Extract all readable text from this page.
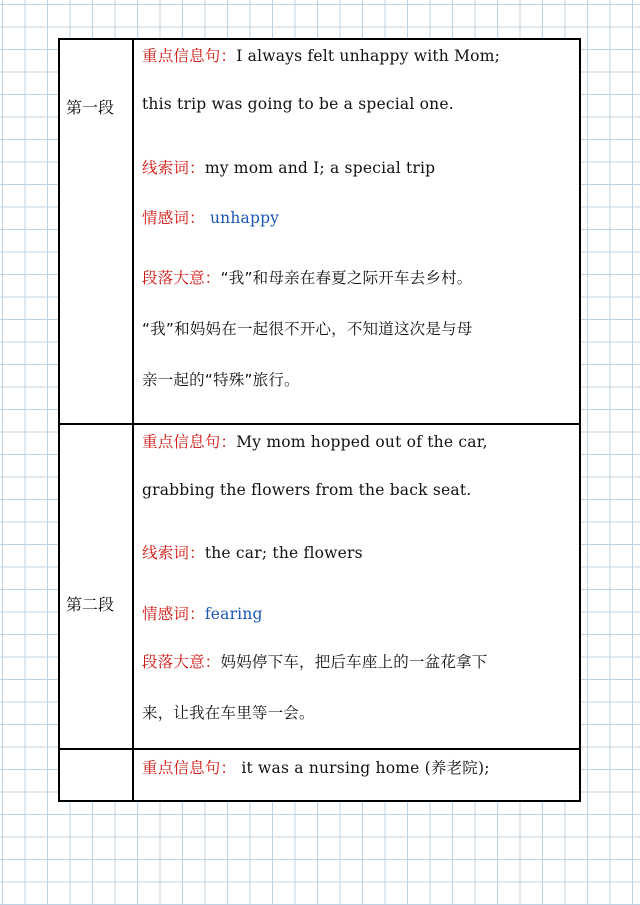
第一段
重点信息句：I always felt unhappy with Mom;
this trip was going to be a special one.
线索词：my mom and I; a special trip
情感词： unhappy
段落大意：“我”和母亲在春夏之际开车去乡村。
“我”和妈妈在一起很不开心，不知道这次是与母
亲一起的“特殊”旅行。
第二段
重点信息句：My mom hopped out of the car,
grabbing the flowers from the back seat.
线索词：the car; the flowers
情感词：fearing
段落大意：妈妈停下车，把后车座上的一盆花拿下
来，让我在车里等一会。
重点信息句： it was a nursing home (养老院);
